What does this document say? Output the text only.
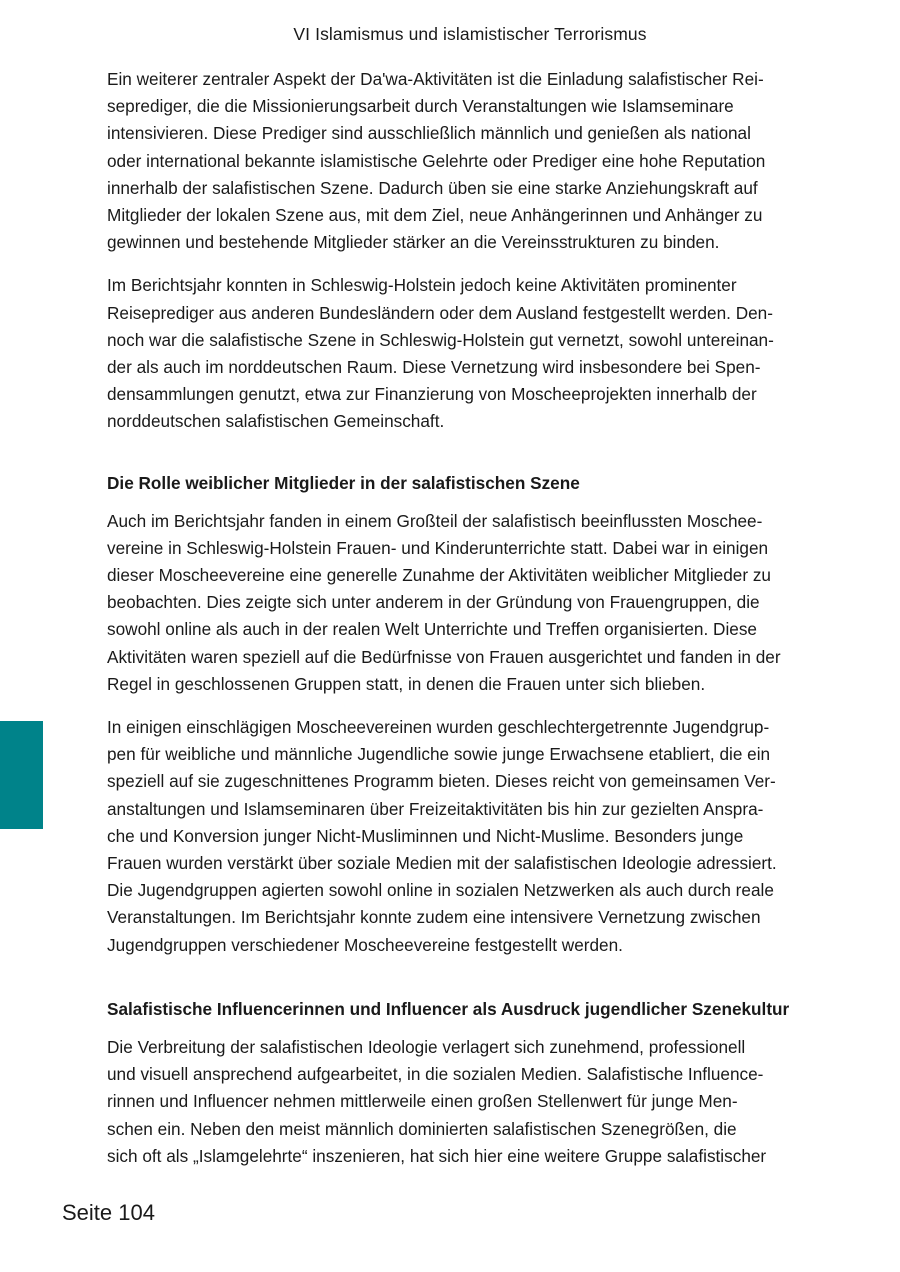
VI Islamismus und islamistischer Terrorismus

Ein weiterer zentraler Aspekt der Da'wa-Aktivitäten ist die Einladung salafistischer Rei-
seprediger, die die Missionierungsarbeit durch Veranstaltungen wie Islamseminare
intensivieren. Diese Prediger sind ausschließlich männlich und genießen als national
oder international bekannte islamistische Gelehrte oder Prediger eine hohe Reputation
innerhalb der salafistischen Szene. Dadurch üben sie eine starke Anziehungskraft auf
Mitglieder der lokalen Szene aus, mit dem Ziel, neue Anhängerinnen und Anhänger zu
gewinnen und bestehende Mitglieder stärker an die Vereinsstrukturen zu binden.

Im Berichtsjahr konnten in Schleswig-Holstein jedoch keine Aktivitäten prominenter
Reiseprediger aus anderen Bundesländern oder dem Ausland festgestellt werden. Den-
noch war die salafistische Szene in Schleswig-Holstein gut vernetzt, sowohl untereinan-
der als auch im norddeutschen Raum. Diese Vernetzung wird insbesondere bei Spen-
densammlungen genutzt, etwa zur Finanzierung von Moscheeprojekten innerhalb der
norddeutschen salafistischen Gemeinschaft.

Die Rolle weiblicher Mitglieder in der salafistischen Szene

Auch im Berichtsjahr fanden in einem Großteil der salafistisch beeinflussten Moschee-
vereine in Schleswig-Holstein Frauen- und Kinderunterrichte statt. Dabei war in einigen
dieser Moscheevereine eine generelle Zunahme der Aktivitäten weiblicher Mitglieder zu
beobachten. Dies zeigte sich unter anderem in der Gründung von Frauengruppen, die
sowohl online als auch in der realen Welt Unterrichte und Treffen organisierten. Diese
Aktivitäten waren speziell auf die Bedürfnisse von Frauen ausgerichtet und fanden in der
Regel in geschlossenen Gruppen statt, in denen die Frauen unter sich blieben.

In einigen einschlägigen Moscheevereinen wurden geschlechtergetrennte Jugendgrup-
pen für weibliche und männliche Jugendliche sowie junge Erwachsene etabliert, die ein
speziell auf sie zugeschnittenes Programm bieten. Dieses reicht von gemeinsamen Ver-
anstaltungen und Islamseminaren über Freizeitaktivitäten bis hin zur gezielten Anspra-
che und Konversion junger Nicht-Musliminnen und Nicht-Muslime. Besonders junge
Frauen wurden verstärkt über soziale Medien mit der salafistischen Ideologie adressiert.
Die Jugendgruppen agierten sowohl online in sozialen Netzwerken als auch durch reale
Veranstaltungen. Im Berichtsjahr konnte zudem eine intensivere Vernetzung zwischen
Jugendgruppen verschiedener Moscheevereine festgestellt werden.

Salafistische Influencerinnen und Influencer als Ausdruck jugendlicher Szenekultur

Die Verbreitung der salafistischen Ideologie verlagert sich zunehmend, professionell
und visuell ansprechend aufgearbeitet, in die sozialen Medien. Salafistische Influence-
rinnen und Influencer nehmen mittlerweile einen großen Stellenwert für junge Men-
schen ein. Neben den meist männlich dominierten salafistischen Szenegrößen, die
sich oft als „Islamgelehrte“ inszenieren, hat sich hier eine weitere Gruppe salafistischer

Seite 104
